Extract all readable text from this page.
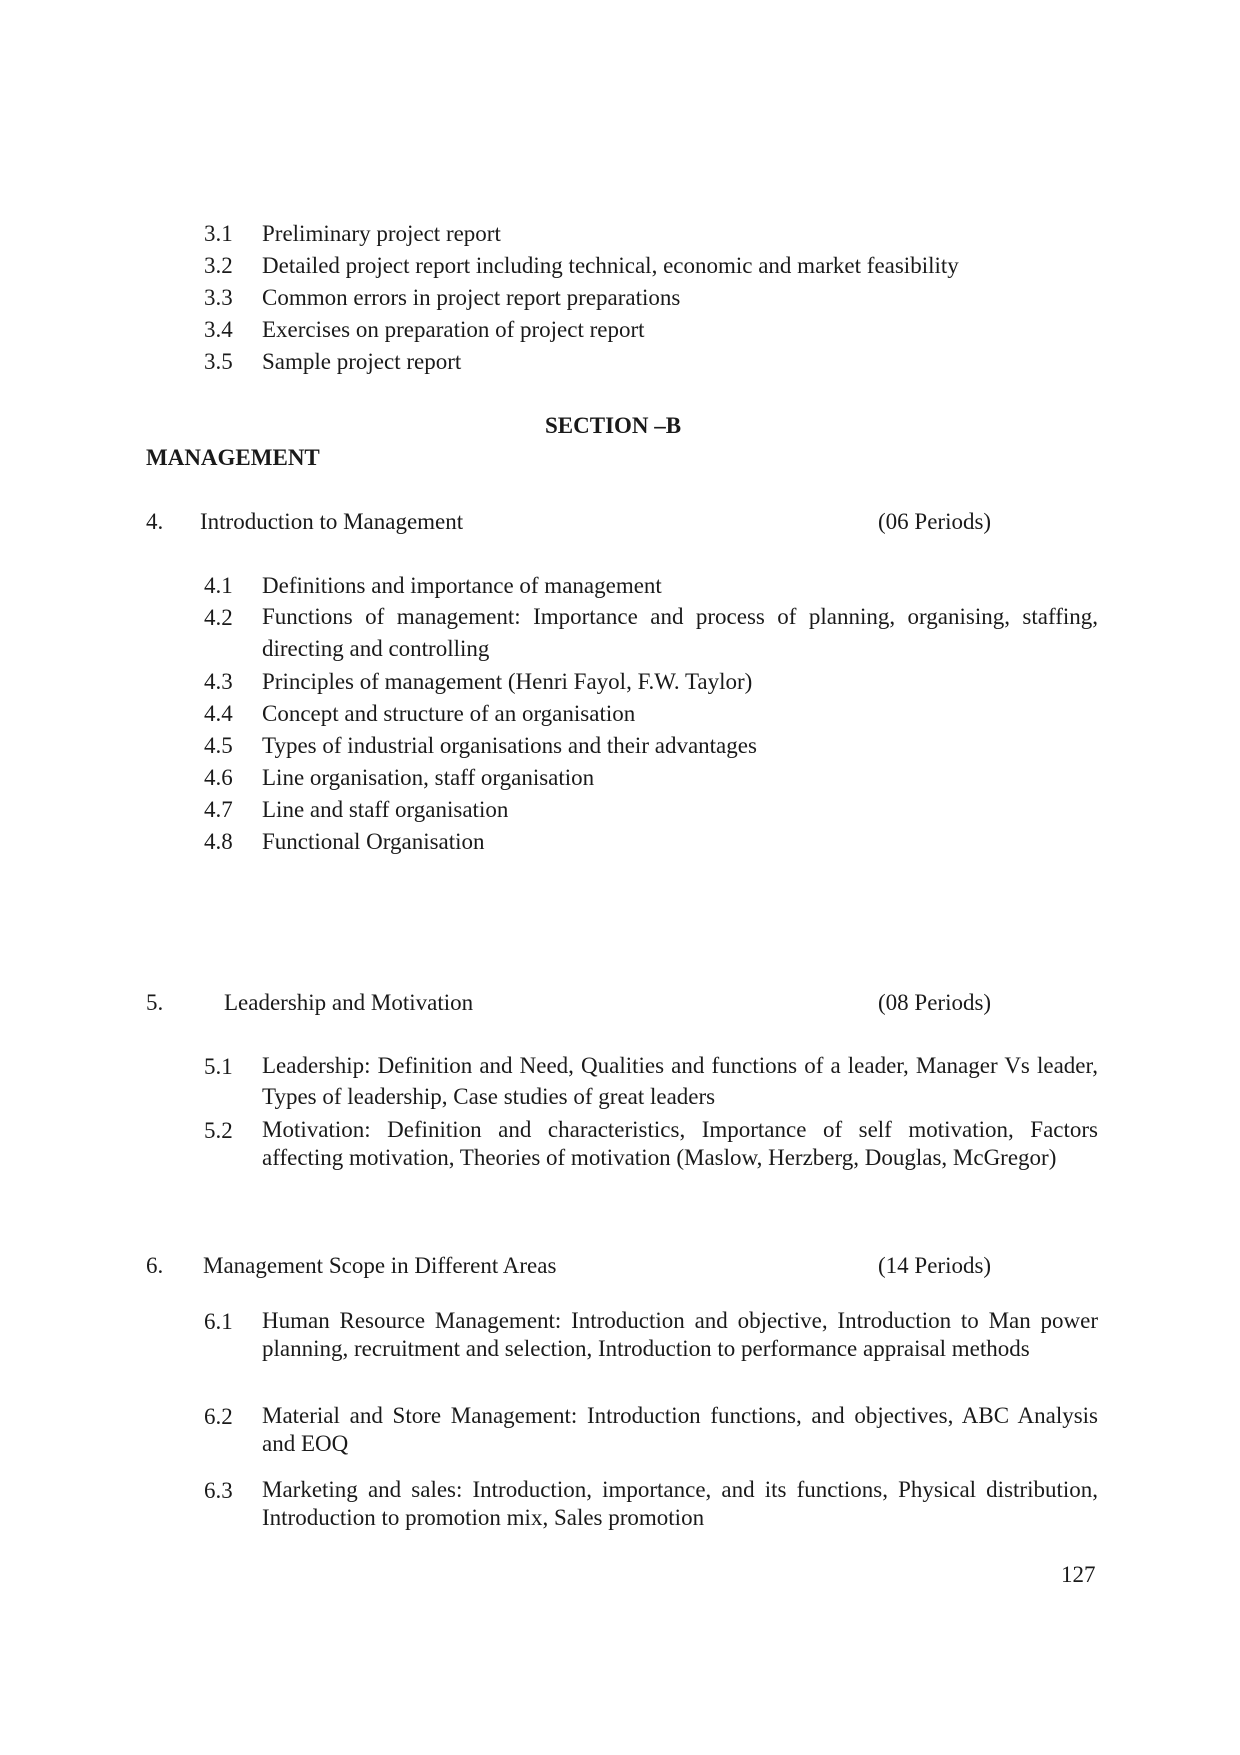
3.1 Preliminary project report
3.2 Detailed project report including technical, economic and market feasibility
3.3 Common errors in project report preparations
3.4 Exercises on preparation of project report
3.5 Sample project report
SECTION –B
MANAGEMENT
4. Introduction to Management	(06 Periods)
4.1 Definitions and importance of management
4.2 Functions of management: Importance and process of planning, organising, staffing, directing and controlling
4.3 Principles of management (Henri Fayol, F.W. Taylor)
4.4 Concept and structure of an organisation
4.5 Types of industrial organisations and their advantages
4.6 Line organisation, staff organisation
4.7 Line and staff organisation
4.8 Functional Organisation
5.	Leadership and Motivation	(08 Periods)
5.1 Leadership: Definition and Need, Qualities and functions of a leader, Manager Vs leader, Types of leadership, Case studies of great leaders
5.2 Motivation: Definition and characteristics, Importance of self motivation, Factors affecting motivation, Theories of motivation (Maslow, Herzberg, Douglas, McGregor)
6. Management Scope in Different Areas	(14 Periods)
6.1 Human Resource Management: Introduction and objective, Introduction to Man power planning, recruitment and selection, Introduction to performance appraisal methods
6.2 Material and Store Management: Introduction functions, and objectives, ABC Analysis and EOQ
6.3 Marketing and sales: Introduction, importance, and its functions, Physical distribution, Introduction to promotion mix, Sales promotion
127
